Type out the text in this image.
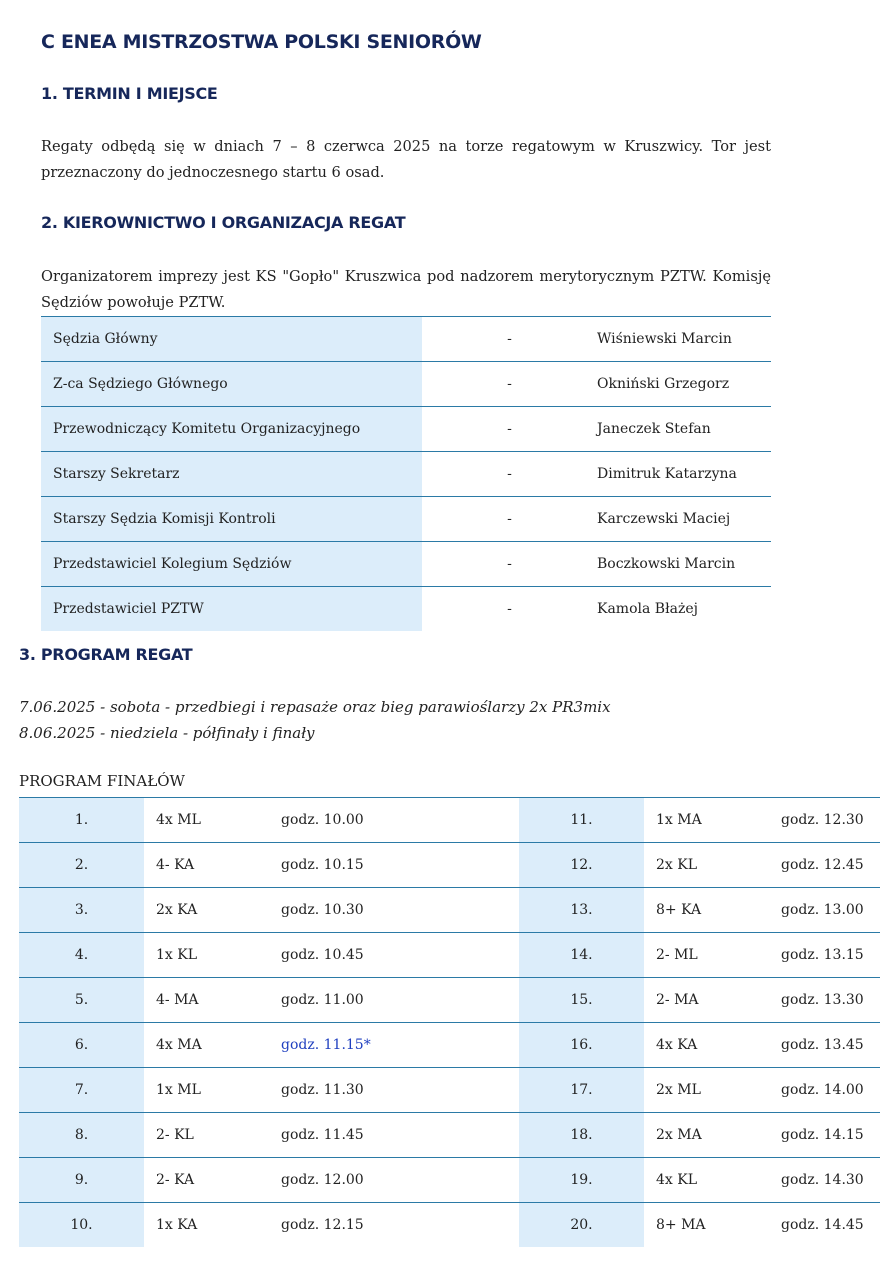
C ENEA MISTRZOSTWA POLSKI SENIORÓW
1. TERMIN I MIEJSCE

Regaty odbędą się w dniach 7 – 8 czerwca 2025 na torze regatowym w Kruszwicy. Tor jest przeznaczony do jednoczesnego startu 6 osad.

2. KIEROWNICTWO I ORGANIZACJA REGAT

Organizatorem imprezy jest KS "Gopło" Kruszwica pod nadzorem merytorycznym PZTW. Komisję Sędziów powołuje PZTW.

Sędzia Główny	-	Wiśniewski Marcin
Z-ca Sędziego Głównego	-	Okniński Grzegorz
Przewodniczący Komitetu Organizacyjnego	-	Janeczek Stefan
Starszy Sekretarz	-	Dimitruk Katarzyna
Starszy Sędzia Komisji Kontroli	-	Karczewski Maciej
Przedstawiciel Kolegium Sędziów	-	Boczkowski Marcin
Przedstawiciel PZTW	-	Kamola Błażej
3. PROGRAM REGAT
7.06.2025 - sobota - przedbiegi i repasaże oraz bieg parawioślarzy 2x PR3mix
8.06.2025 - niedziela - półfinały i finały

PROGRAM FINAŁÓW

1.	4x ML	godz. 10.00	11.	1x MA	godz. 12.30
2.	4- KA	godz. 10.15	12.	2x KL	godz. 12.45
3.	2x KA	godz. 10.30	13.	8+ KA	godz. 13.00
4.	1x KL	godz. 10.45	14.	2- ML	godz. 13.15
5.	4- MA	godz. 11.00	15.	2- MA	godz. 13.30
6.	4x MA	godz. 11.15*	16.	4x KA	godz. 13.45
7.	1x ML	godz. 11.30	17.	2x ML	godz. 14.00
8.	2- KL	godz. 11.45	18.	2x MA	godz. 14.15
9.	2- KA	godz. 12.00	19.	4x KL	godz. 14.30
10.	1x KA	godz. 12.15	20.	8+ MA	godz. 14.45
